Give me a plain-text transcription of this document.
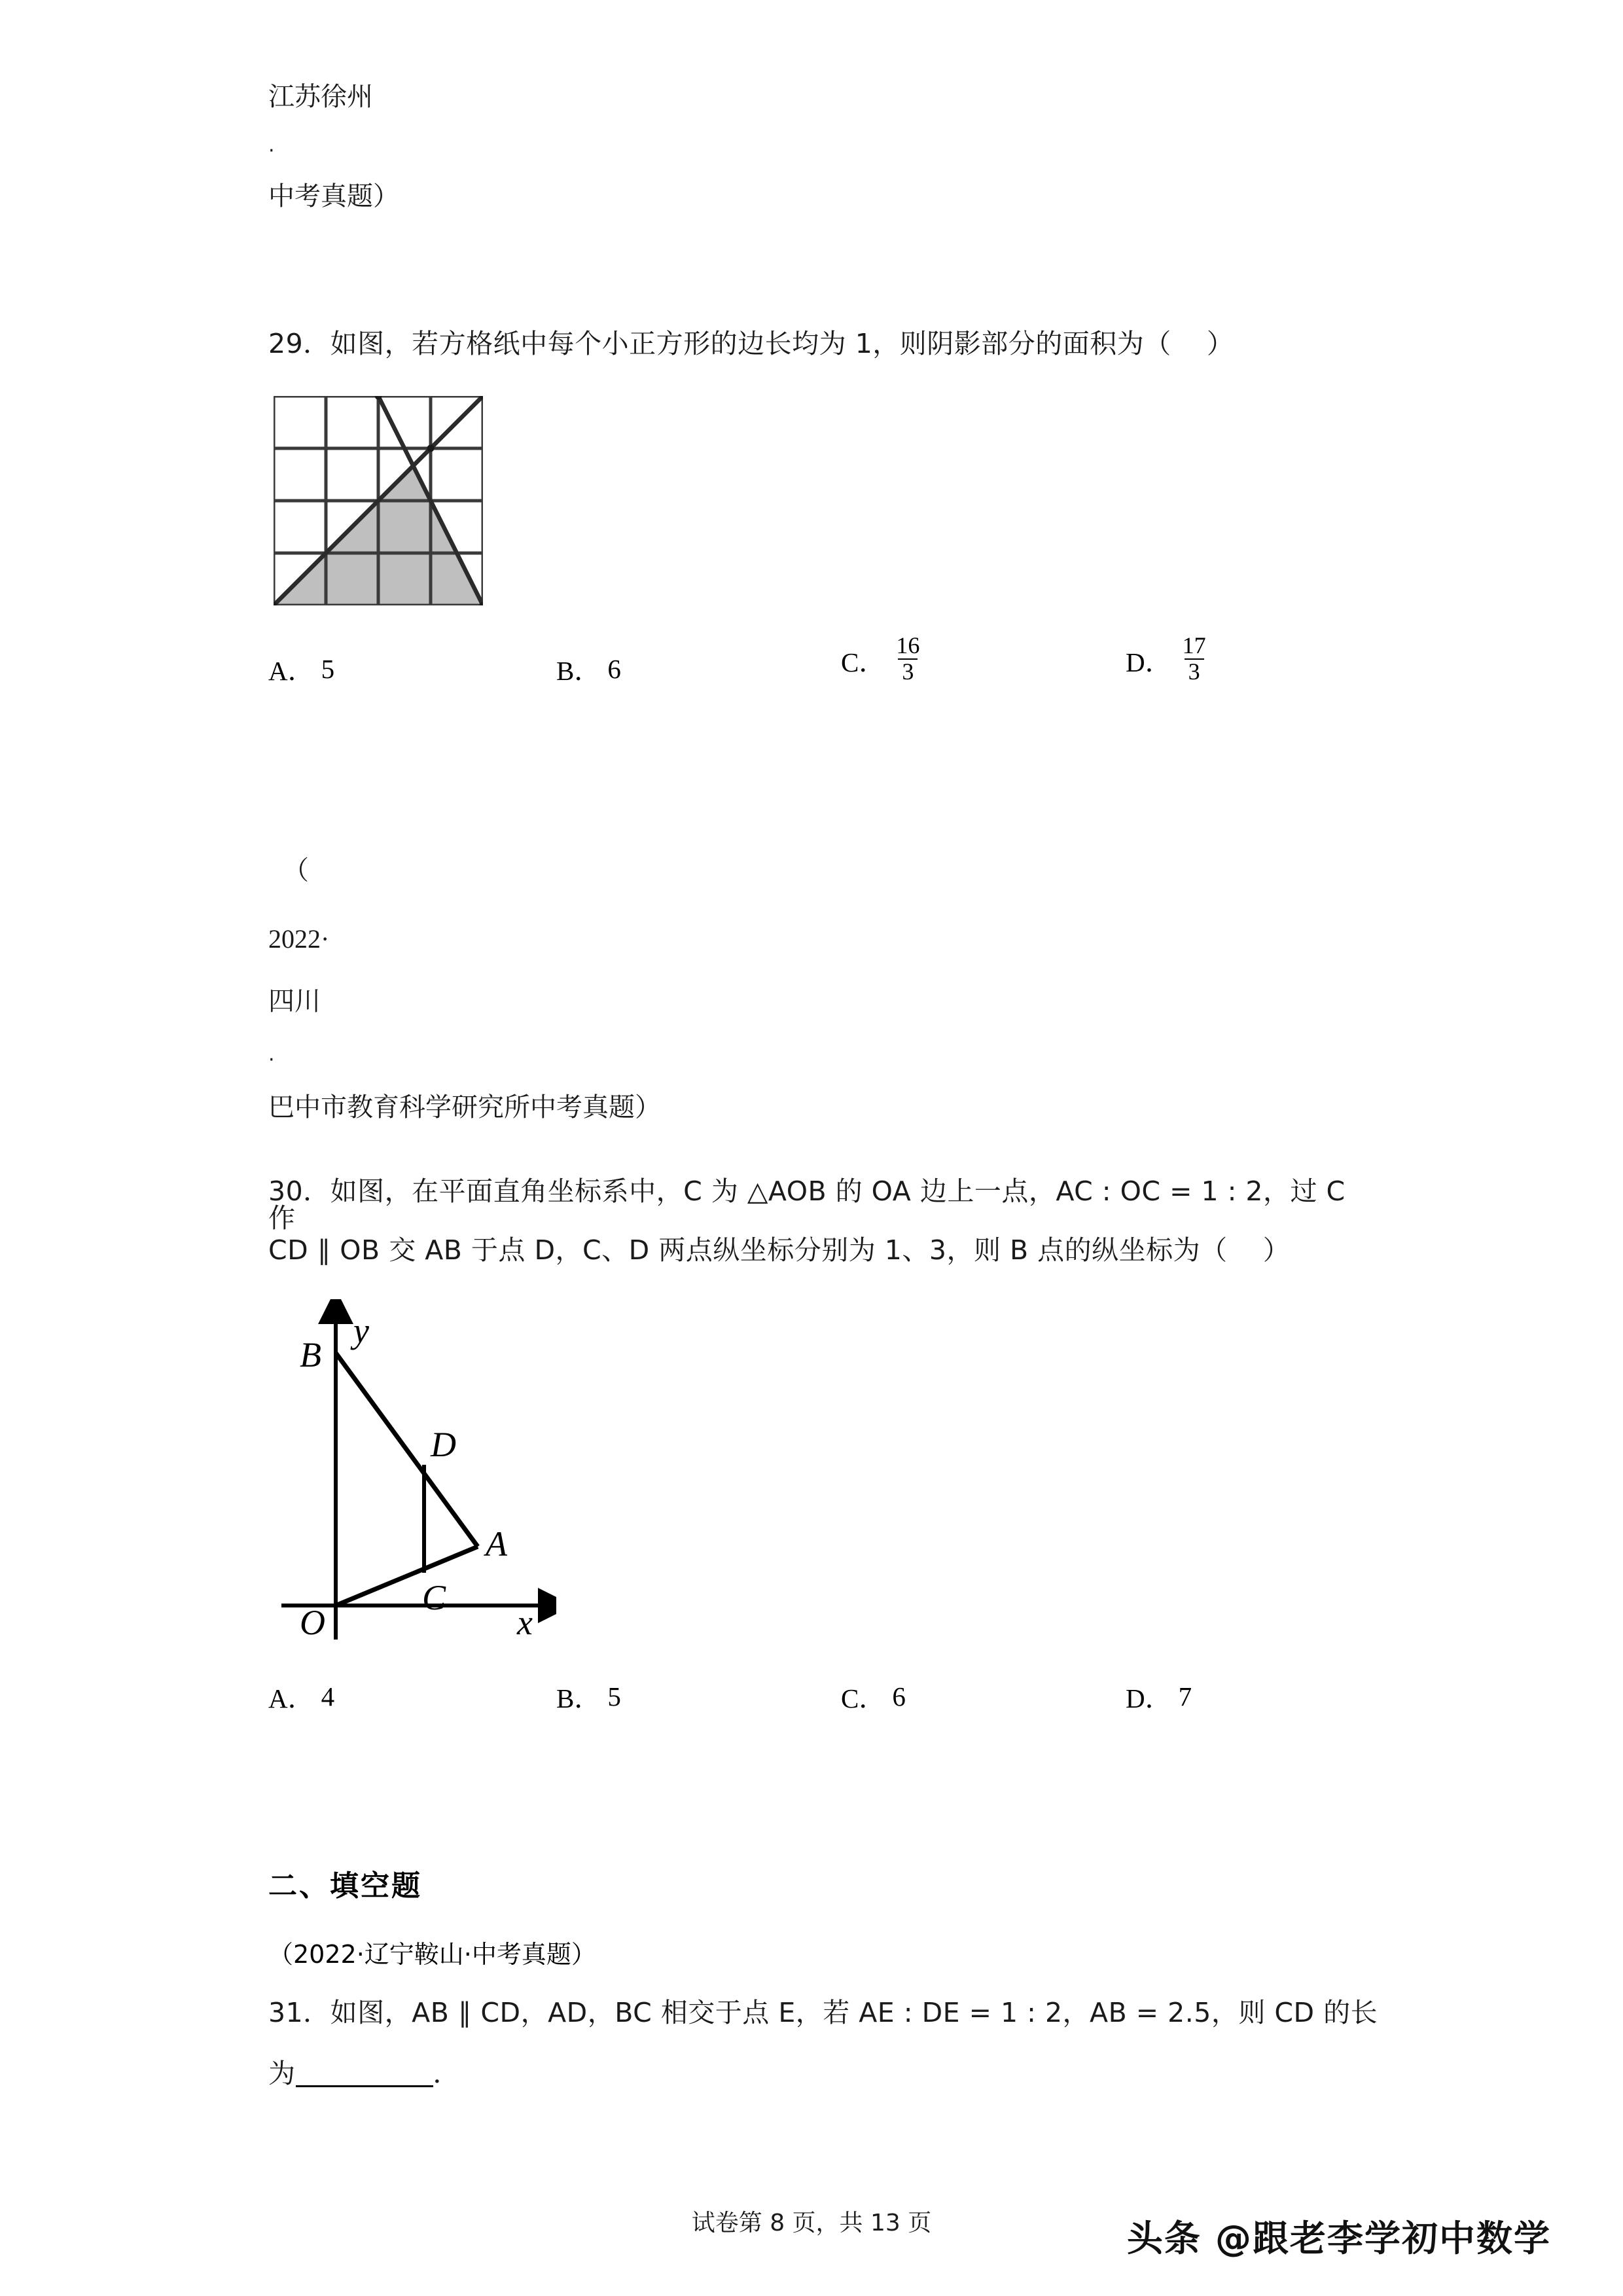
江苏徐州
·
中考真题）
29．如图，若方格纸中每个小正方形的边长均为 1，则阴影部分的面积为（    ）
A． 5	B． 6	C． $\frac{16}{3}$	D． $\frac{17}{3}$
（
2022·
四川
·
巴中市教育科学研究所中考真题）
30．如图，在平面直角坐标系中，C 为 △AOB 的 OA 边上一点，AC : OC = 1 : 2，过 C 作
CD ∥ OB 交 AB 于点 D，C、D 两点纵坐标分别为 1、3，则 B 点的纵坐标为（    ）
B
y
D
A
C
O	x
A． 4	B． 5	C． 6	D． 7
二、填空题
（2022·辽宁鞍山·中考真题）
31．如图，AB ∥ CD，AD，BC 相交于点 E，若 AE : DE = 1 : 2，AB = 2.5，则 CD 的长
为	．
试卷第 8 页，共 13 页	头条 @跟老李学初中数学
